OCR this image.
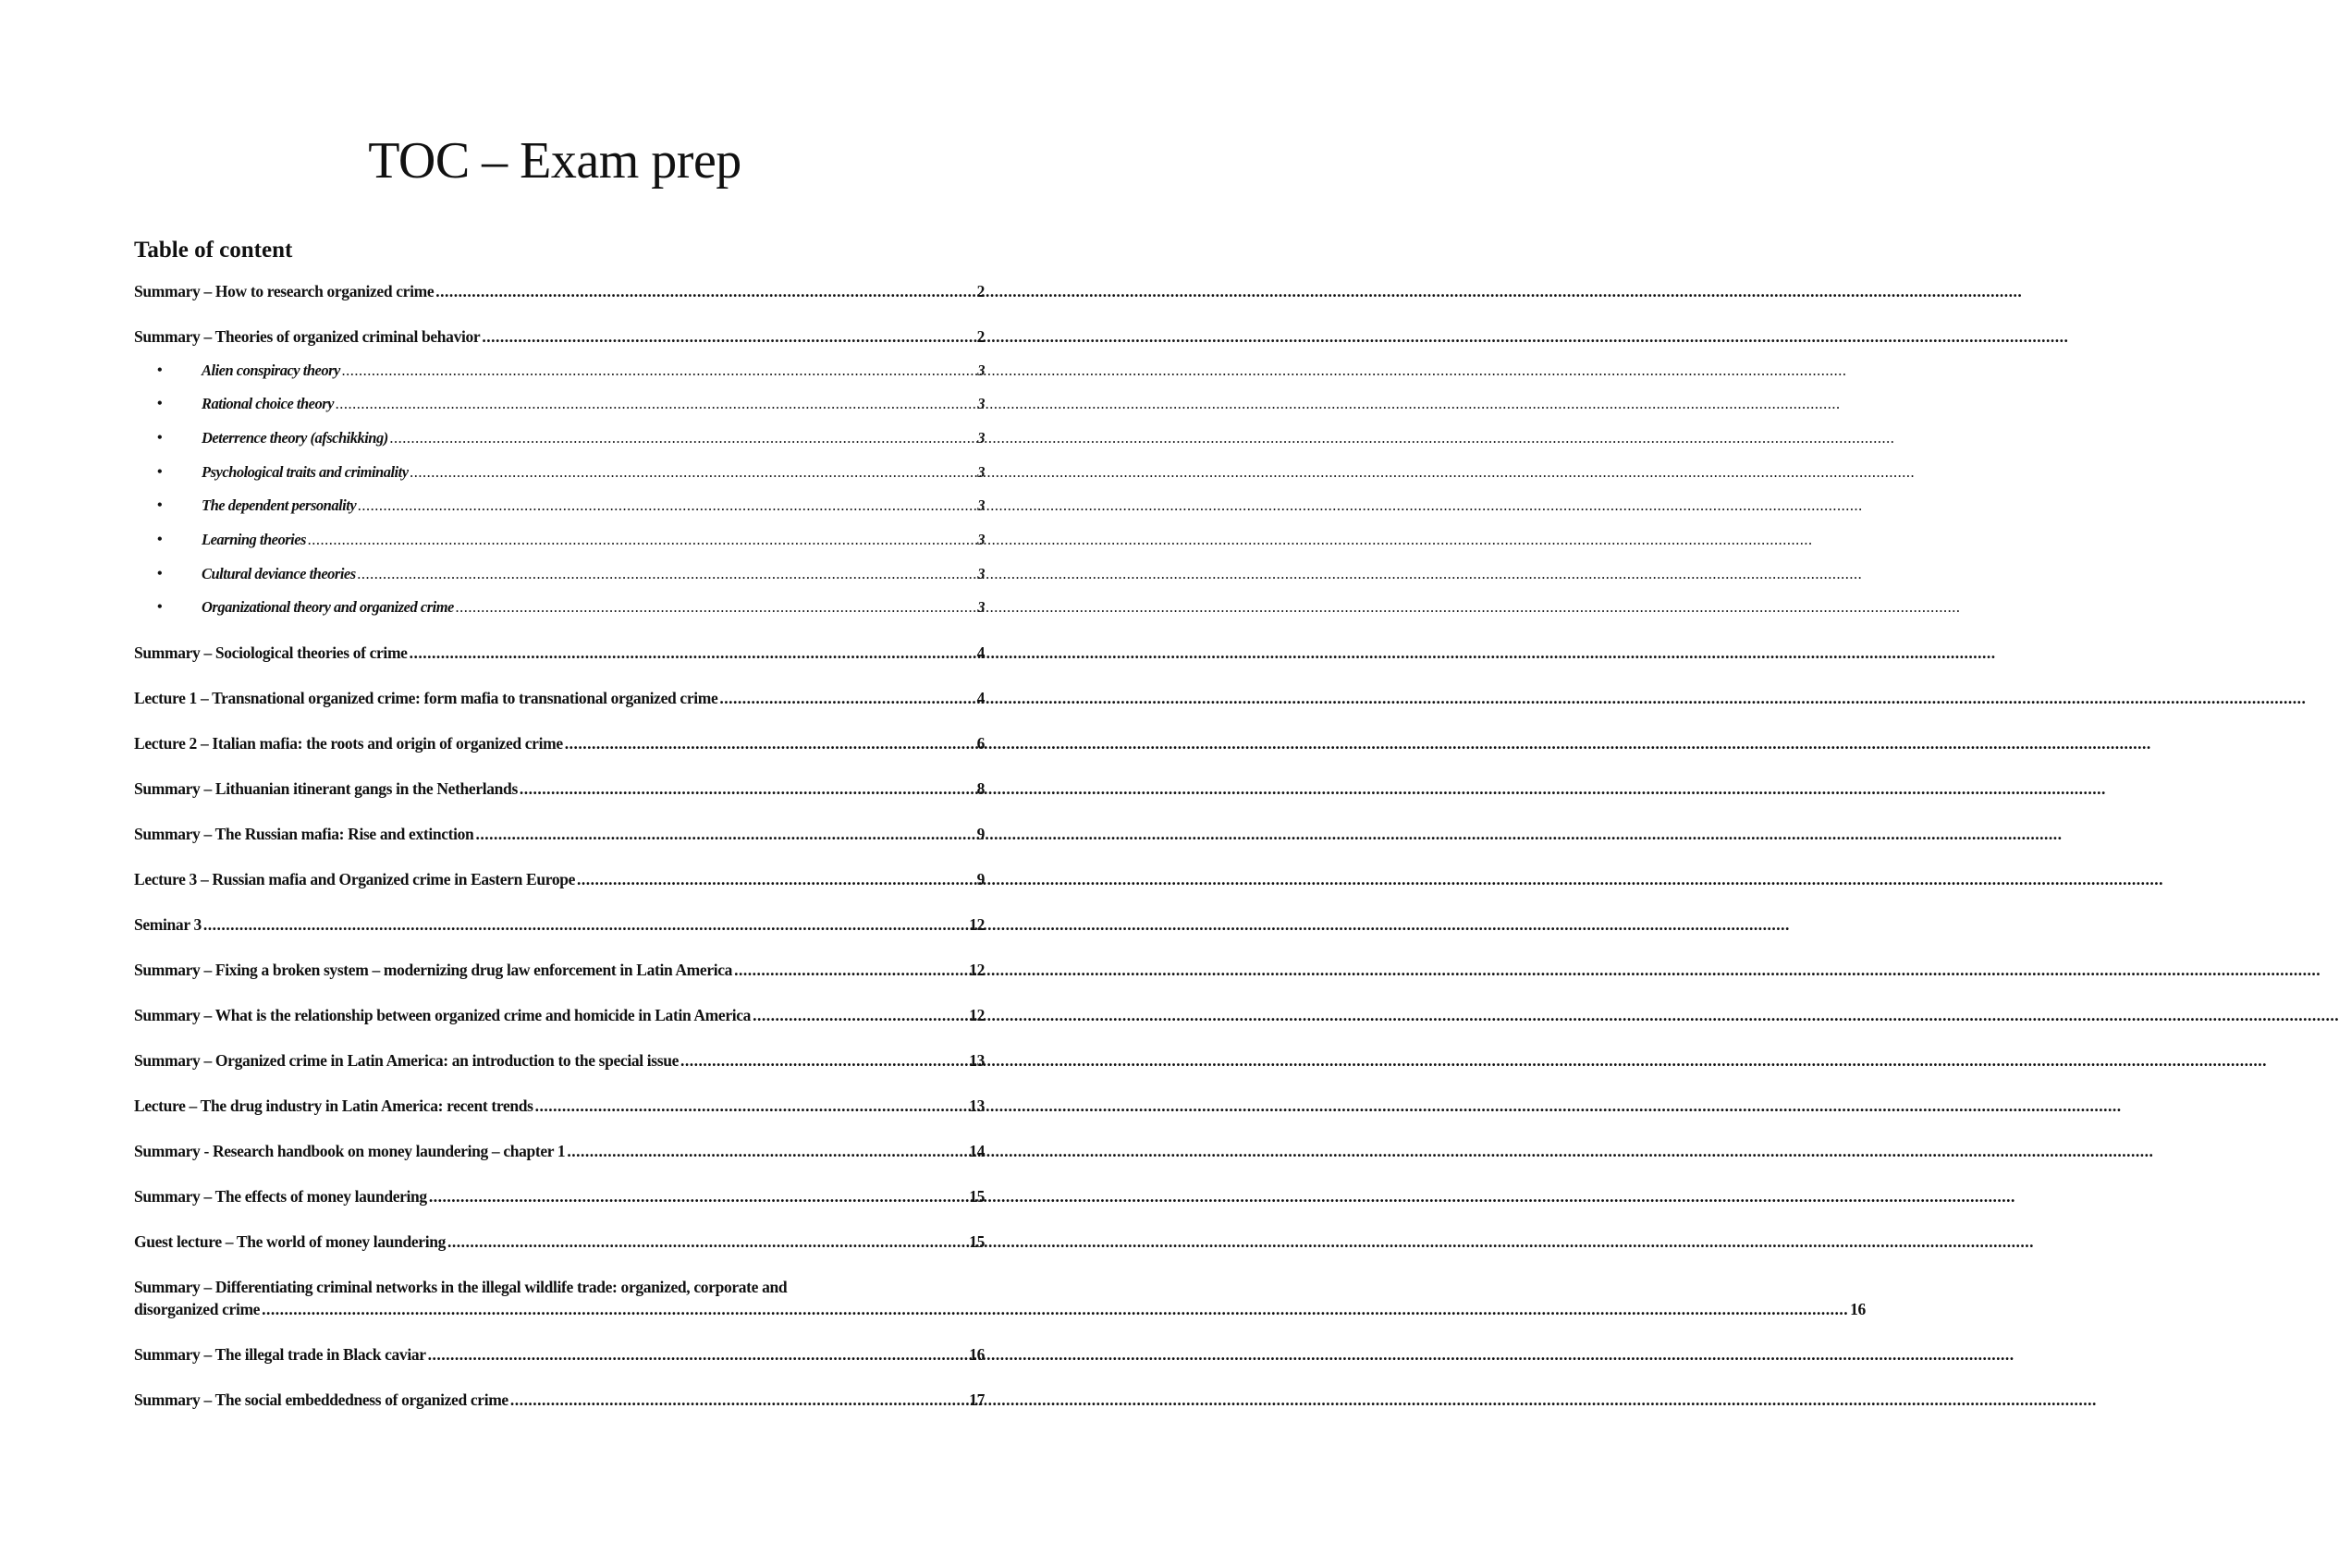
TOC – Exam prep
Table of content
Summary – How to research organized crime .....	2
Summary – Theories of organized criminal behavior .....	2
•	Alien conspiracy theory .....	3
•	Rational choice theory .....	3
•	Deterrence theory (afschikking) .....	3
•	Psychological traits and criminality .....	3
•	The dependent personality .....	3
•	Learning theories .....	3
•	Cultural deviance theories .....	3
•	Organizational theory and organized crime .....	3
Summary – Sociological theories of crime .....	4
Lecture 1 – Transnational organized crime: form mafia to transnational organized crime .....	4
Lecture 2 – Italian mafia: the roots and origin of organized crime .....	6
Summary – Lithuanian itinerant gangs in the Netherlands .....	8
Summary – The Russian mafia: Rise and extinction .....	9
Lecture 3 – Russian mafia and Organized crime in Eastern Europe .....	9
Seminar 3 .....	12
Summary – Fixing a broken system – modernizing drug law enforcement in Latin America .....	12
Summary – What is the relationship between organized crime and homicide in Latin America .....	12
Summary – Organized crime in Latin America: an introduction to the special issue .....	13
Lecture – The drug industry in Latin America: recent trends .....	13
Summary - Research handbook on money laundering – chapter 1 .....	14
Summary – The effects of money laundering .....	15
Guest lecture – The world of money laundering .....	15
Summary – Differentiating criminal networks in the illegal wildlife trade: organized, corporate and
disorganized crime .....	16
Summary – The illegal trade in Black caviar .....	16
Summary – The social embeddedness of organized crime .....	17
